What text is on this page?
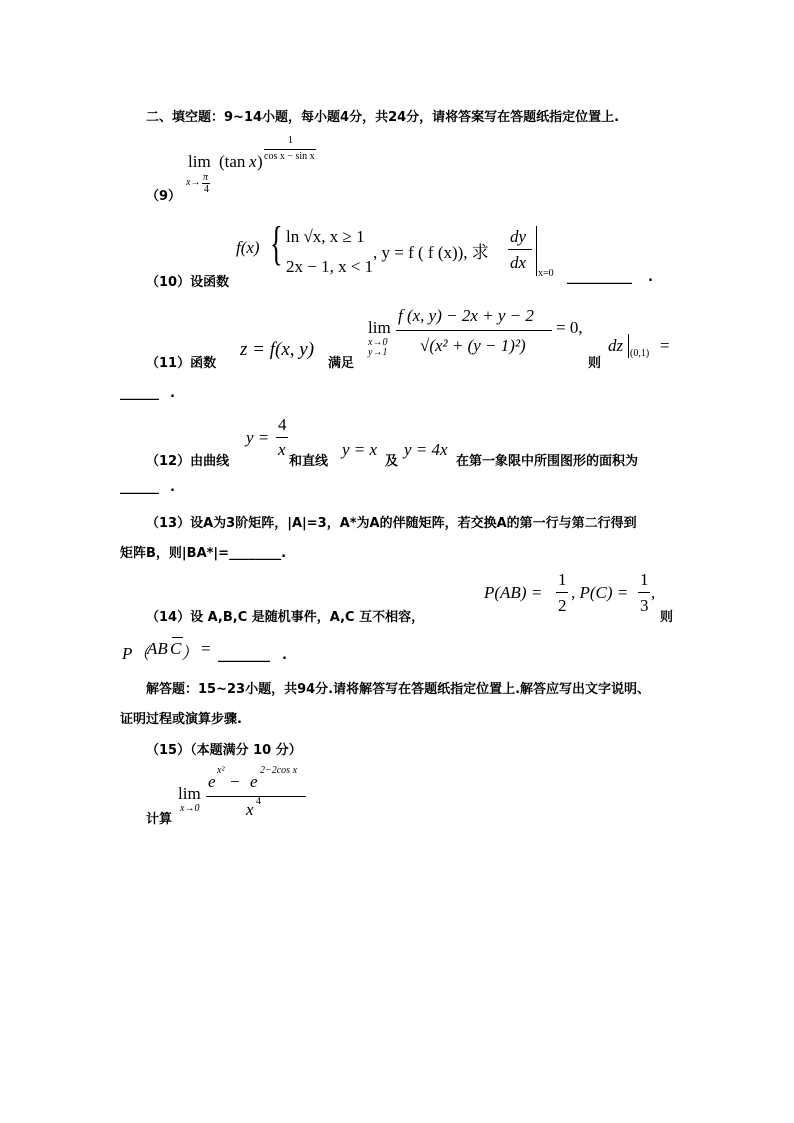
二、填空题：9~14小题，每小题4分，共24分，请将答案写在答题纸指定位置上.
（9）
lim
x→ π
4
(tan x )
1
cos x − sin x
（10）设函数
f(x) { ln √x, x ≥ 1
2x − 1, x < 1
, y = f ( f (x)), 求
dy
dx
x=0 __________ .
（11）函数
z = f(x, y)
满足
lim
x→0
y→1
f (x, y) − 2x + y − 2
√(x² + (y − 1)²)
= 0,
则
dz (0,1) =
______ .
（12）由曲线
y =
4
x
和直线
y = x
及
y = 4x
在第一象限中所围图形的面积为
______ .
（13）设A为3阶矩阵，|A|=3，A*为A的伴随矩阵，若交换A的第一行与第二行得到
矩阵B，则|BA*|=________.
（14）设 A,B,C 是随机事件，A,C 互不相容，
P(AB) =
1
2
, P(C) =
1
3
,
则
P（
AB C ） = ________ .
解答题：15~23小题，共94分.请将解答写在答题纸指定位置上.解答应写出文字说明、
证明过程或演算步骤.
（15）（本题满分 10 分）
计算
lim
x→0
e
x²
− e
2−2cos x
x 4
